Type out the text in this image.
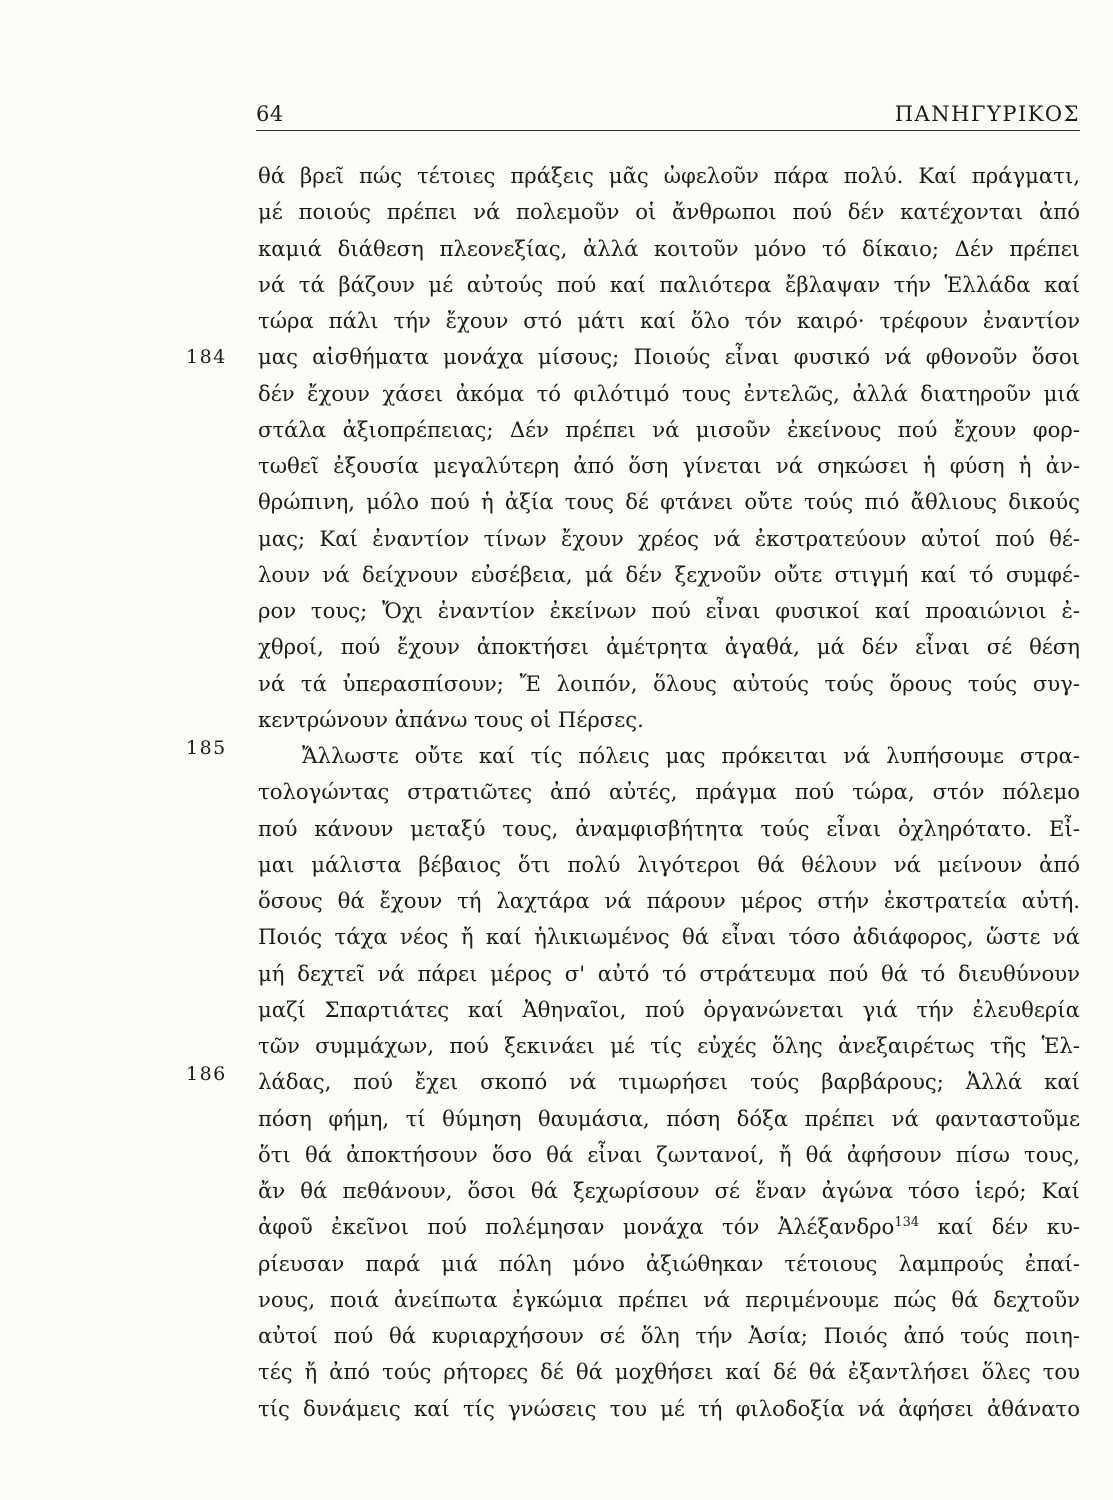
64	ΠΑΝΗΓΥΡΙΚΟΣ
184
185
186
θά βρεῖ πώς τέτοιες πράξεις μᾶς ὠφελοῦν πάρα πολύ. Καί πράγματι,
μέ ποιούς πρέπει νά πολεμοῦν οἱ ἄνθρωποι πού δέν κατέχονται ἀπό
καμιά διάθεση πλεονεξίας, ἀλλά κοιτοῦν μόνο τό δίκαιο; Δέν πρέπει
νά τά βάζουν μέ αὐτούς πού καί παλιότερα ἔβλαψαν τήν Ἑλλάδα καί
τώρα πάλι τήν ἔχουν στό μάτι καί ὅλο τόν καιρό· τρέφουν ἐναντίον
μας αἰσθήματα μονάχα μίσους; Ποιούς εἶναι φυσικό νά φθονοῦν ὅσοι
δέν ἔχουν χάσει ἀκόμα τό φιλότιμό τους ἐντελῶς, ἀλλά διατηροῦν μιά
στάλα ἀξιοπρέπειας; Δέν πρέπει νά μισοῦν ἐκείνους πού ἔχουν φορ-
τωθεῖ ἐξουσία μεγαλύτερη ἀπό ὅση γίνεται νά σηκώσει ἡ φύση ἡ ἀν-
θρώπινη, μόλο πού ἡ ἀξία τους δέ φτάνει οὔτε τούς πιό ἄθλιους δικούς
μας; Καί ἐναντίον τίνων ἔχουν χρέος νά ἐκστρατεύουν αὐτοί πού θέ-
λουν νά δείχνουν εὐσέβεια, μά δέν ξεχνοῦν οὔτε στιγμή καί τό συμφέ-
ρον τους; Ὄχι ἐναντίον ἐκείνων πού εἶναι φυσικοί καί προαιώνιοι ἐ-
χθροί, πού ἔχουν ἀποκτήσει ἀμέτρητα ἀγαθά, μά δέν εἶναι σέ θέση
νά τά ὑπερασπίσουν; Ἔ λοιπόν, ὅλους αὐτούς τούς ὅρους τούς συγ-
κεντρώνουν ἀπάνω τους οἱ Πέρσες.
Ἄλλωστε οὔτε καί τίς πόλεις μας πρόκειται νά λυπήσουμε στρα-
τολογώντας στρατιῶτες ἀπό αὐτές, πράγμα πού τώρα, στόν πόλεμο
πού κάνουν μεταξύ τους, ἀναμφισβήτητα τούς εἶναι ὀχληρότατο. Εἶ-
μαι μάλιστα βέβαιος ὅτι πολύ λιγότεροι θά θέλουν νά μείνουν ἀπό
ὅσους θά ἔχουν τή λαχτάρα νά πάρουν μέρος στήν ἐκστρατεία αὐτή.
Ποιός τάχα νέος ἤ καί ἡλικιωμένος θά εἶναι τόσο ἀδιάφορος, ὥστε νά
μή δεχτεῖ νά πάρει μέρος σ' αὐτό τό στράτευμα πού θά τό διευθύνουν
μαζί Σπαρτιάτες καί Ἀθηναῖοι, πού ὀργανώνεται γιά τήν ἐλευθερία
τῶν συμμάχων, πού ξεκινάει μέ τίς εὐχές ὅλης ἀνεξαιρέτως τῆς Ἑλ-
λάδας, πού ἔχει σκοπό νά τιμωρήσει τούς βαρβάρους; Ἀλλά καί
πόση φήμη, τί θύμηση θαυμάσια, πόση δόξα πρέπει νά φανταστοῦμε
ὅτι θά ἀποκτήσουν ὅσο θά εἶναι ζωντανοί, ἤ θά ἀφήσουν πίσω τους,
ἄν θά πεθάνουν, ὅσοι θά ξεχωρίσουν σέ ἕναν ἀγώνα τόσο ἱερό; Καί
ἀφοῦ ἐκεῖνοι πού πολέμησαν μονάχα τόν Ἀλέξανδρο$^{134}$ καί δέν κυ-
ρίευσαν παρά μιά πόλη μόνο ἀξιώθηκαν τέτοιους λαμπρούς ἐπαί-
νους, ποιά ἀνείπωτα ἐγκώμια πρέπει νά περιμένουμε πώς θά δεχτοῦν
αὐτοί πού θά κυριαρχήσουν σέ ὅλη τήν Ἀσία; Ποιός ἀπό τούς ποιη-
τές ἤ ἀπό τούς ρήτορες δέ θά μοχθήσει καί δέ θά ἐξαντλήσει ὅλες του
τίς δυνάμεις καί τίς γνώσεις του μέ τή φιλοδοξία νά ἀφήσει ἀθάνατο
